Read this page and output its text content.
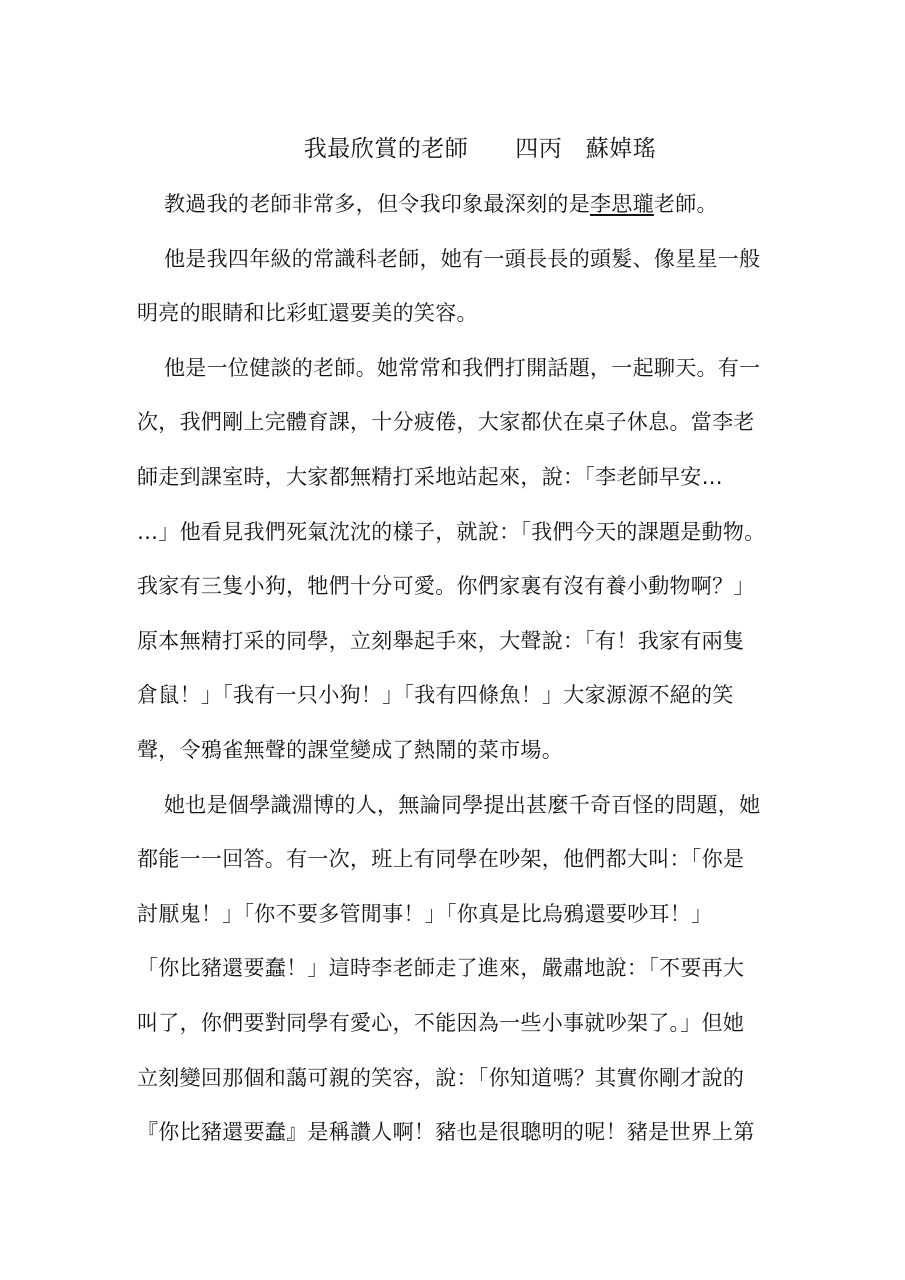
我最欣賞的老師　　四丙　蘇婥瑤
教過我的老師非常多，但令我印象最深刻的是李思瓏老師。
他是我四年級的常識科老師，她有一頭長長的頭髮、像星星一般
明亮的眼睛和比彩虹還要美的笑容。
他是一位健談的老師。她常常和我們打開話題，一起聊天。有一
次，我們剛上完體育課，十分疲倦，大家都伏在桌子休息。當李老
師走到課室時，大家都無精打采地站起來，說：「李老師早安…
…」他看見我們死氣沈沈的樣子，就說：「我們今天的課題是動物。
我家有三隻小狗，牠們十分可愛。你們家裏有沒有養小動物啊？」
原本無精打采的同學，立刻舉起手來，大聲說：「有！我家有兩隻
倉鼠！」「我有一只小狗！」「我有四條魚！」大家源源不絕的笑
聲，令鴉雀無聲的課堂變成了熱鬧的菜市場。
她也是個學識淵博的人，無論同學提出甚麼千奇百怪的問題，她
都能一一回答。有一次，班上有同學在吵架，他們都大叫：「你是
討厭鬼！」「你不要多管閒事！」「你真是比烏鴉還要吵耳！」
「你比豬還要蠢！」這時李老師走了進來，嚴肅地說：「不要再大
叫了，你們要對同學有愛心，不能因為一些小事就吵架了。」但她
立刻變回那個和藹可親的笑容，說：「你知道嗎？其實你剛才說的
『你比豬還要蠢』是稱讚人啊！豬也是很聰明的呢！豬是世界上第
